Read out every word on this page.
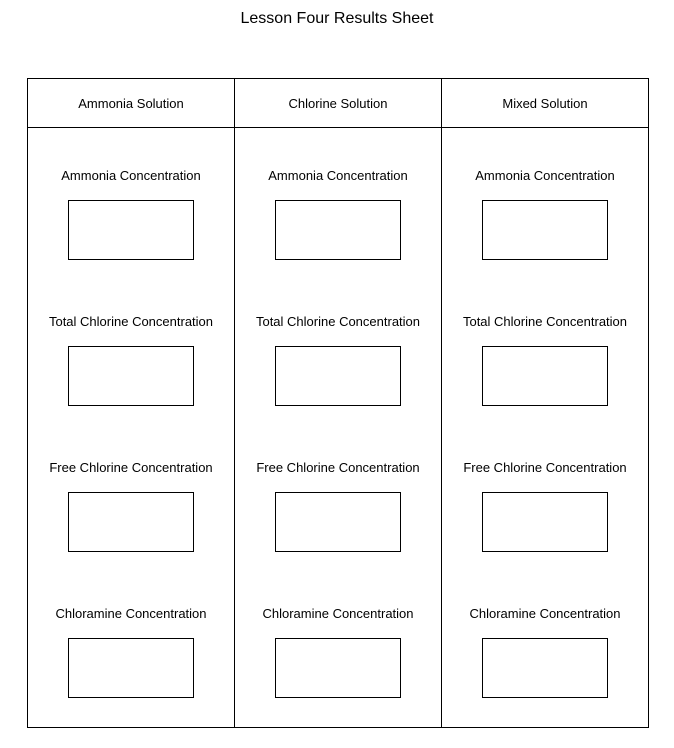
Lesson Four Results Sheet
Ammonia Solution
Ammonia Concentration
Total Chlorine Concentration
Free Chlorine Concentration
Chloramine Concentration
Chlorine Solution
Ammonia Concentration
Total Chlorine Concentration
Free Chlorine Concentration
Chloramine Concentration
Mixed Solution
Ammonia Concentration
Total Chlorine Concentration
Free Chlorine Concentration
Chloramine Concentration
